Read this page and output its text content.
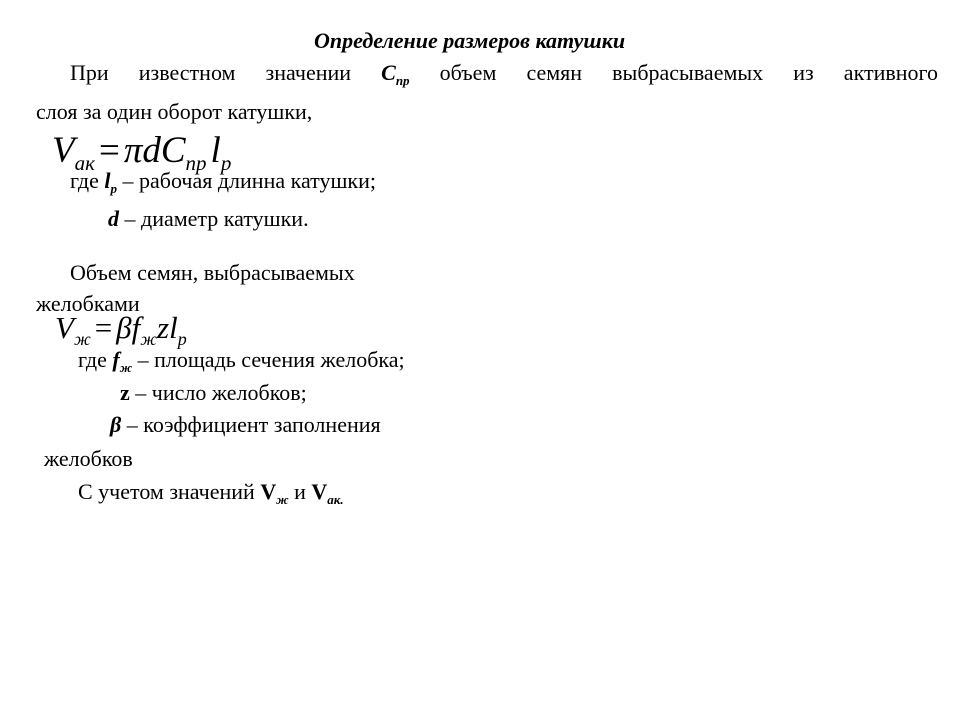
Определение размеров катушки
При известном значении $C_{пр}$ объем семян выбрасываемых из активного
слоя за один оборот катушки,
$V_{ак} = \pi dC_{пр}$ $l_р$
где $l_р$ – рабочая длинна катушки;
d – диаметр катушки.
Объем семян, выбрасываемых
желобками
$V_ж = \beta f_жzl_р$
где $f_ж$ – площадь сечения желобка;
z – число желобков;
β – коэффициент заполнения
желобков
С учетом значений $V_ж$ и $V_{ак.}$
